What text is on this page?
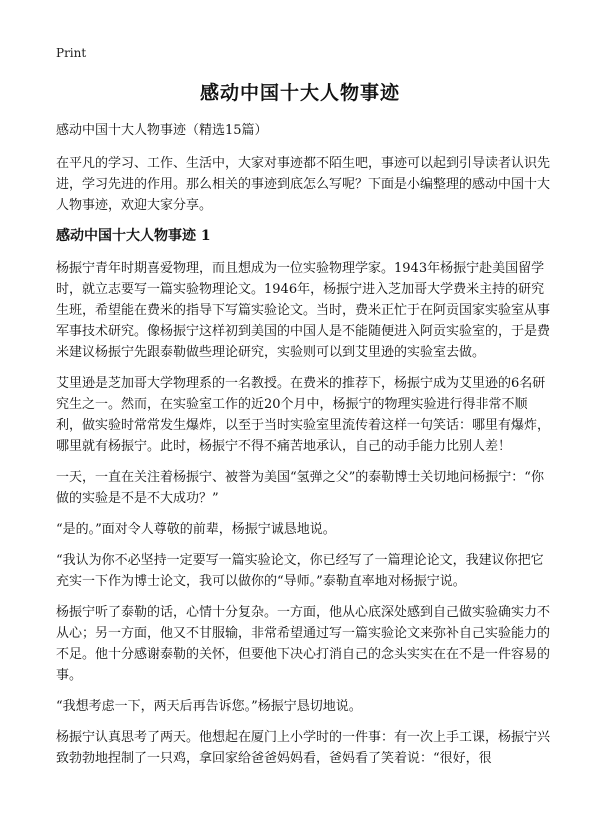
Print
感动中国十大人物事迹

感动中国十大人物事迹（精选15篇）

在平凡的学习、工作、生活中，大家对事迹都不陌生吧，事迹可以起到引导读者认识先进，学习先进的作用。那么相关的事迹到底怎么写呢？下面是小编整理的感动中国十大人物事迹，欢迎大家分享。

感动中国十大人物事迹 1

杨振宁青年时期喜爱物理，而且想成为一位实验物理学家。1943年杨振宁赴美国留学时，就立志要写一篇实验物理论文。1946年，杨振宁进入芝加哥大学费米主持的研究生班，希望能在费米的指导下写篇实验论文。当时，费米正忙于在阿贡国家实验室从事军事技术研究。像杨振宁这样初到美国的中国人是不能随便进入阿贡实验室的，于是费米建议杨振宁先跟泰勒做些理论研究，实验则可以到艾里逊的实验室去做。

艾里逊是芝加哥大学物理系的一名教授。在费米的推荐下，杨振宁成为艾里逊的6名研究生之一。然而，在实验室工作的近20个月中，杨振宁的物理实验进行得非常不顺利，做实验时常常发生爆炸，以至于当时实验室里流传着这样一句笑话：哪里有爆炸，哪里就有杨振宁。此时，杨振宁不得不痛苦地承认，自己的动手能力比别人差！

一天，一直在关注着杨振宁、被誉为美国“氢弹之父”的泰勒博士关切地问杨振宁：“你做的实验是不是不大成功？”

“是的。”面对令人尊敬的前辈，杨振宁诚恳地说。

“我认为你不必坚持一定要写一篇实验论文，你已经写了一篇理论论文，我建议你把它充实一下作为博士论文，我可以做你的“导师。”泰勒直率地对杨振宁说。

杨振宁听了泰勒的话，心情十分复杂。一方面，他从心底深处感到自己做实验确实力不从心；另一方面，他又不甘服输，非常希望通过写一篇实验论文来弥补自己实验能力的不足。他十分感谢泰勒的关怀，但要他下决心打消自己的念头实实在在不是一件容易的事。

“我想考虑一下，两天后再告诉您。”杨振宁恳切地说。

杨振宁认真思考了两天。他想起在厦门上小学时的一件事：有一次上手工课，杨振宁兴致勃勃地捏制了一只鸡，拿回家给爸爸妈妈看，爸妈看了笑着说：“很好，很
